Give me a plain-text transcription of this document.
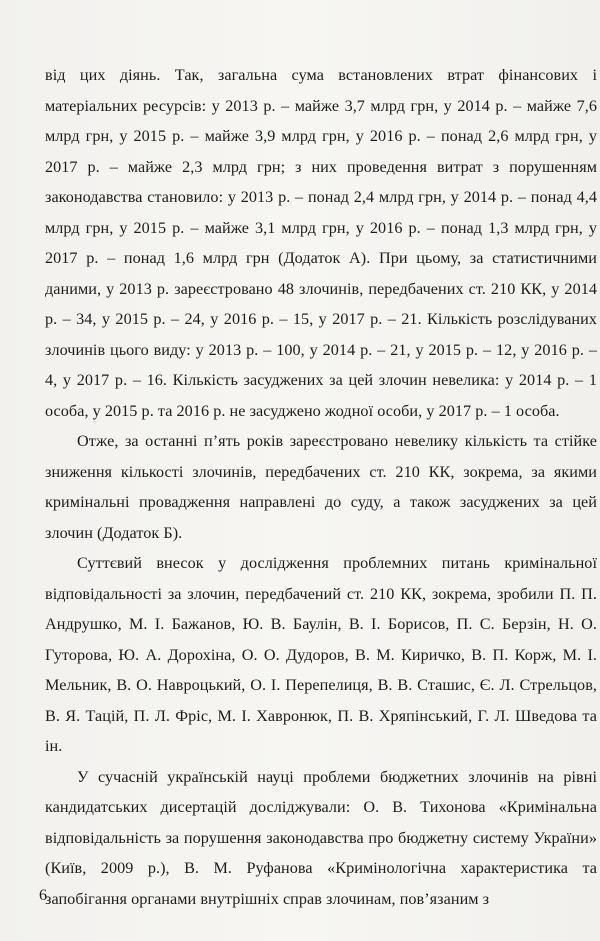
від цих діянь. Так, загальна сума встановлених втрат фінансових і матеріальних ресурсів: у 2013 р. – майже 3,7 млрд грн, у 2014 р. – майже 7,6 млрд грн, у 2015 р. – майже 3,9 млрд грн, у 2016 р. – понад 2,6 млрд грн, у 2017 р. – майже 2,3 млрд грн; з них проведення витрат з порушенням законодавства становило: у 2013 р. – понад 2,4 млрд грн, у 2014 р. – понад 4,4 млрд грн, у 2015 р. – майже 3,1 млрд грн, у 2016 р. – понад 1,3 млрд грн, у 2017 р. – понад 1,6 млрд грн (Додаток А). При цьому, за статистичними даними, у 2013 р. зареєстровано 48 злочинів, передбачених ст. 210 КК, у 2014 р. – 34, у 2015 р. – 24, у 2016 р. – 15, у 2017 р. – 21. Кількість розслідуваних злочинів цього виду: у 2013 р. – 100, у 2014 р. – 21, у 2015 р. – 12, у 2016 р. – 4, у 2017 р. – 16. Кількість засуджених за цей злочин невелика: у 2014 р. – 1 особа, у 2015 р. та 2016 р. не засуджено жодної особи, у 2017 р. – 1 особа.

Отже, за останні п’ять років зареєстровано невелику кількість та стійке зниження кількості злочинів, передбачених ст. 210 КК, зокрема, за якими кримінальні провадження направлені до суду, а також засуджених за цей злочин (Додаток Б).

Суттєвий внесок у дослідження проблемних питань кримінальної відповідальності за злочин, передбачений ст. 210 КК, зокрема, зробили П. П. Андрушко, М. І. Бажанов, Ю. В. Баулін, В. І. Борисов, П. С. Берзін, Н. О. Гуторова, Ю. А. Дорохіна, О. О. Дудоров, В. М. Киричко, В. П. Корж, М. І. Мельник, В. О. Навроцький, О. І. Перепелиця, В. В. Сташис, Є. Л. Стрельцов, В. Я. Тацій, П. Л. Фріс, М. І. Хавронюк, П. В. Хряпінський, Г. Л. Шведова та ін.

У сучасній українській науці проблеми бюджетних злочинів на рівні кандидатських дисертацій досліджували: О. В. Тихонова «Кримінальна відповідальність за порушення законодавства про бюджетну систему України» (Київ, 2009 р.), В. М. Руфанова «Кримінологічна характеристика та запобігання органами внутрішніх справ злочинам, пов’язаним з

6
